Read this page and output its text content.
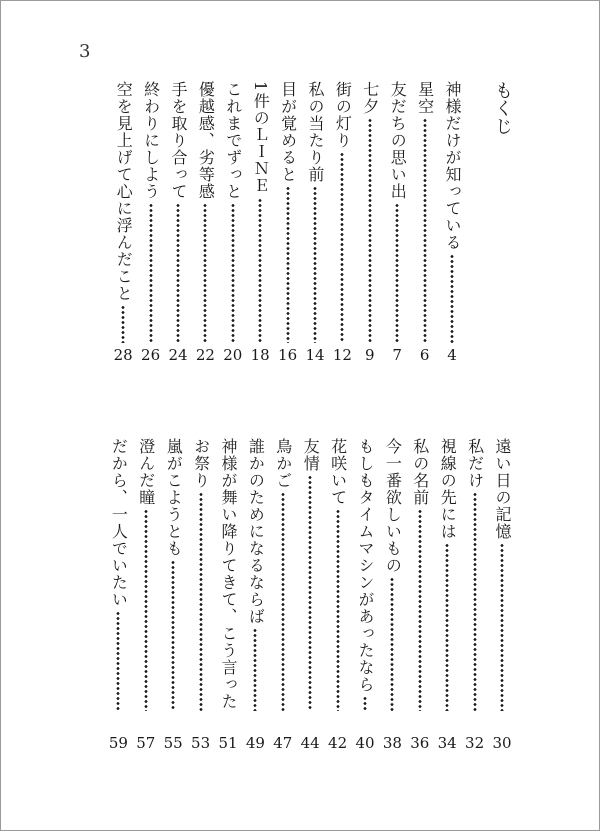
3
もくじ
神様だけが知っている
4
星空
6
友だちの思い出
7
七夕
9
街の灯り
12
私の当たり前
14
目が覚めると
16
1件のＬＩＮＥ
18
これまでずっと
20
優越感、劣等感
22
手を取り合って
24
終わりにしよう
26
空を見上げて心に浮んだこと
28
遠い日の記憶
30
私だけ
32
視線の先には
34
私の名前
36
今一番欲しいもの
38
もしもタイムマシンがあったなら
40
花咲いて
42
友情
44
鳥かご
47
誰かのためになるならば
49
神様が舞い降りてきて、こう言った
51
お祭り
53
嵐がこようとも
55
澄んだ瞳
57
だから、一人でいたい
59
